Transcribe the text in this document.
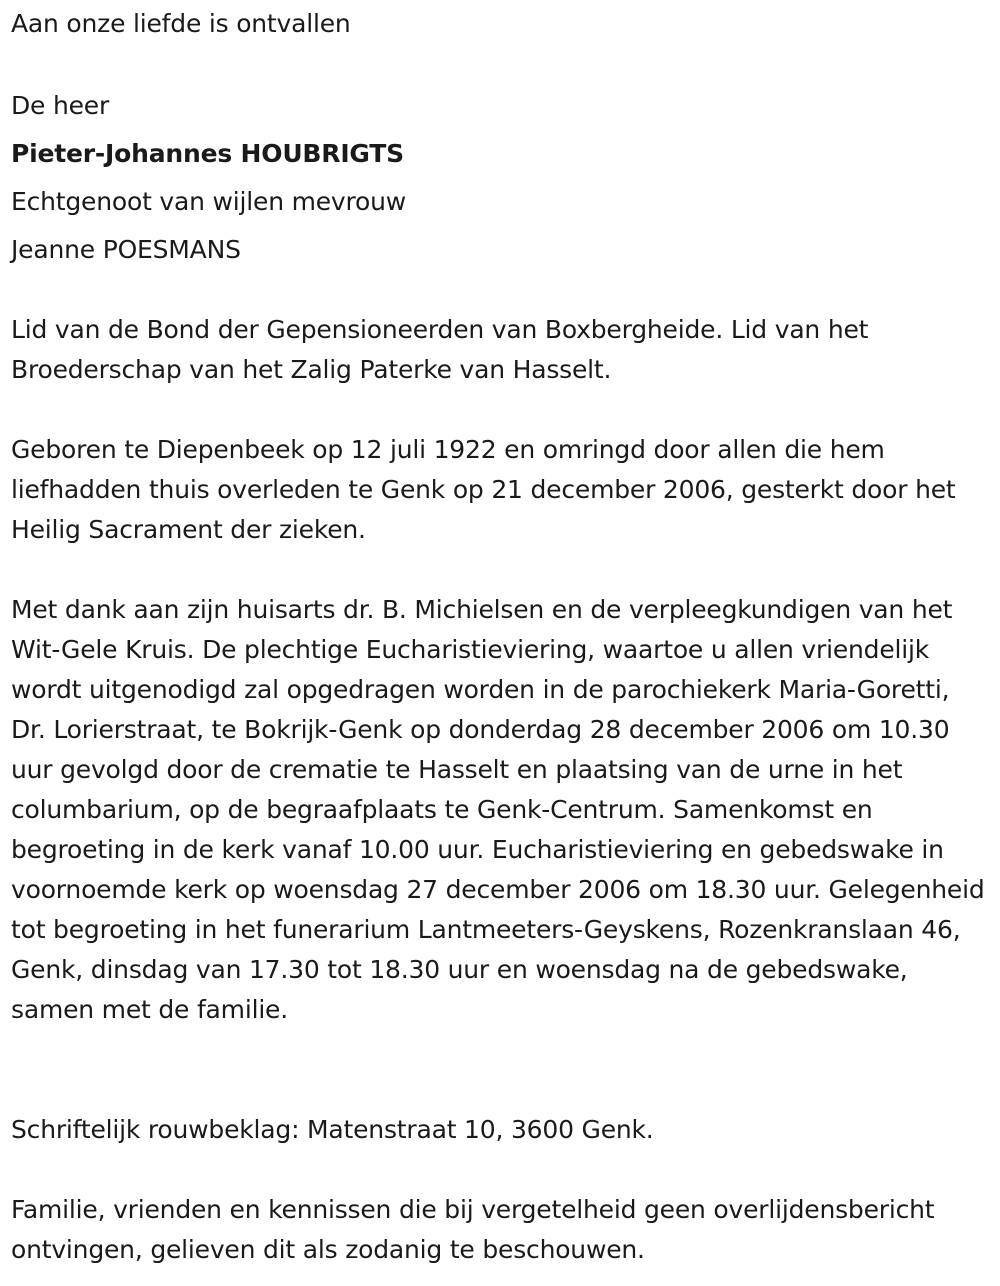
Aan onze liefde is ontvallen
De heer
Pieter-Johannes HOUBRIGTS
Echtgenoot van wijlen mevrouw
Jeanne POESMANS

Lid van de Bond der Gepensioneerden van Boxbergheide. Lid van het Broederschap van het Zalig Paterke van Hasselt.

Geboren te Diepenbeek op 12 juli 1922 en omringd door allen die hem liefhadden thuis overleden te Genk op 21 december 2006, gesterkt door het Heilig Sacrament der zieken.

Met dank aan zijn huisarts dr. B. Michielsen en de verpleegkundigen van het Wit-Gele Kruis. De plechtige Eucharistieviering, waartoe u allen vriendelijk wordt uitgenodigd zal opgedragen worden in de parochiekerk Maria-Goretti, Dr. Lorierstraat, te Bokrijk-Genk op donderdag 28 december 2006 om 10.30 uur gevolgd door de crematie te Hasselt en plaatsing van de urne in het columbarium, op de begraafplaats te Genk-Centrum. Samenkomst en begroeting in de kerk vanaf 10.00 uur. Eucharistieviering en gebedswake in voornoemde kerk op woensdag 27 december 2006 om 18.30 uur. Gelegenheid tot begroeting in het funerarium Lantmeeters-Geyskens, Rozenkranslaan 46, Genk, dinsdag van 17.30 tot 18.30 uur en woensdag na de gebedswake, samen met de familie.

Schriftelijk rouwbeklag: Matenstraat 10, 3600 Genk.

Familie, vrienden en kennissen die bij vergetelheid geen overlijdensbericht ontvingen, gelieven dit als zodanig te beschouwen.
